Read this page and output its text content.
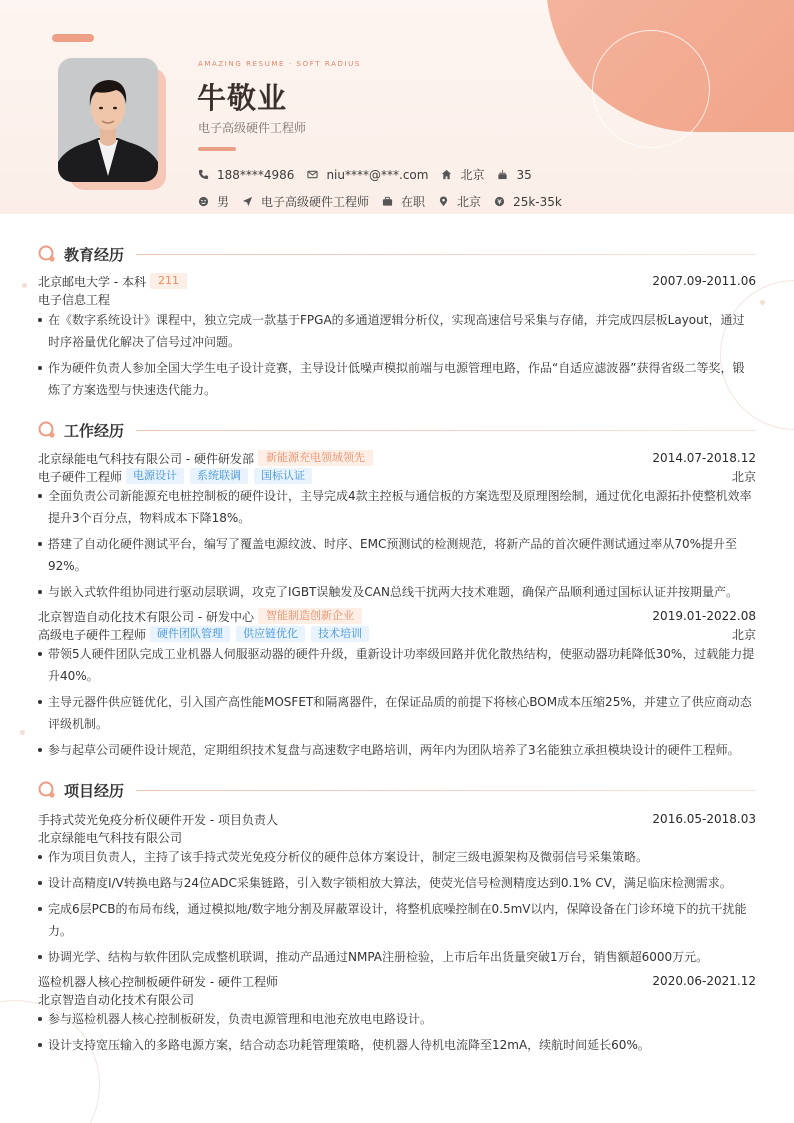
AMAZING RESUME · SOFT RADIUS
牛敬业
电子高级硬件工程师
188****4986	niu****@***.com	北京	35
男	电子高级硬件工程师	在职	北京	25k-35k
教育经历
北京邮电大学 - 本科	211	2007.09-2011.06
电子信息工程
在《数字系统设计》课程中，独立完成一款基于FPGA的多通道逻辑分析仪，实现高速信号采集与存储，并完成四层板Layout，通过时序裕量优化解决了信号过冲问题。
作为硬件负责人参加全国大学生电子设计竞赛，主导设计低噪声模拟前端与电源管理电路，作品“自适应滤波器”获得省级二等奖，锻炼了方案选型与快速迭代能力。
工作经历
北京绿能电气科技有限公司 - 硬件研发部	新能源充电领域领先	2014.07-2018.12
电子硬件工程师	电源设计	系统联调	国标认证	北京
全面负责公司新能源充电桩控制板的硬件设计，主导完成4款主控板与通信板的方案选型及原理图绘制，通过优化电源拓扑使整机效率提升3个百分点，物料成本下降18%。
搭建了自动化硬件测试平台，编写了覆盖电源纹波、时序、EMC预测试的检测规范，将新产品的首次硬件测试通过率从70%提升至92%。
与嵌入式软件组协同进行驱动层联调，攻克了IGBT误触发及CAN总线干扰两大技术难题，确保产品顺利通过国标认证并按期量产。
北京智造自动化技术有限公司 - 研发中心	智能制造创新企业	2019.01-2022.08
高级电子硬件工程师	硬件团队管理	供应链优化	技术培训	北京
带领5人硬件团队完成工业机器人伺服驱动器的硬件升级，重新设计功率级回路并优化散热结构，使驱动器功耗降低30%，过载能力提升40%。
主导元器件供应链优化，引入国产高性能MOSFET和隔离器件，在保证品质的前提下将核心BOM成本压缩25%，并建立了供应商动态评级机制。
参与起草公司硬件设计规范，定期组织技术复盘与高速数字电路培训，两年内为团队培养了3名能独立承担模块设计的硬件工程师。
项目经历
手持式荧光免疫分析仪硬件开发 - 项目负责人	2016.05-2018.03
北京绿能电气科技有限公司
作为项目负责人，主持了该手持式荧光免疫分析仪的硬件总体方案设计，制定三级电源架构及微弱信号采集策略。
设计高精度I/V转换电路与24位ADC采集链路，引入数字锁相放大算法，使荧光信号检测精度达到0.1% CV，满足临床检测需求。
完成6层PCB的布局布线，通过模拟地/数字地分割及屏蔽罩设计，将整机底噪控制在0.5mV以内，保障设备在门诊环境下的抗干扰能力。
协调光学、结构与软件团队完成整机联调，推动产品通过NMPA注册检验，上市后年出货量突破1万台，销售额超6000万元。
巡检机器人核心控制板硬件研发 - 硬件工程师	2020.06-2021.12
北京智造自动化技术有限公司
参与巡检机器人核心控制板研发，负责电源管理和电池充放电电路设计。
设计支持宽压输入的多路电源方案，结合动态功耗管理策略，使机器人待机电流降至12mA，续航时间延长60%。
